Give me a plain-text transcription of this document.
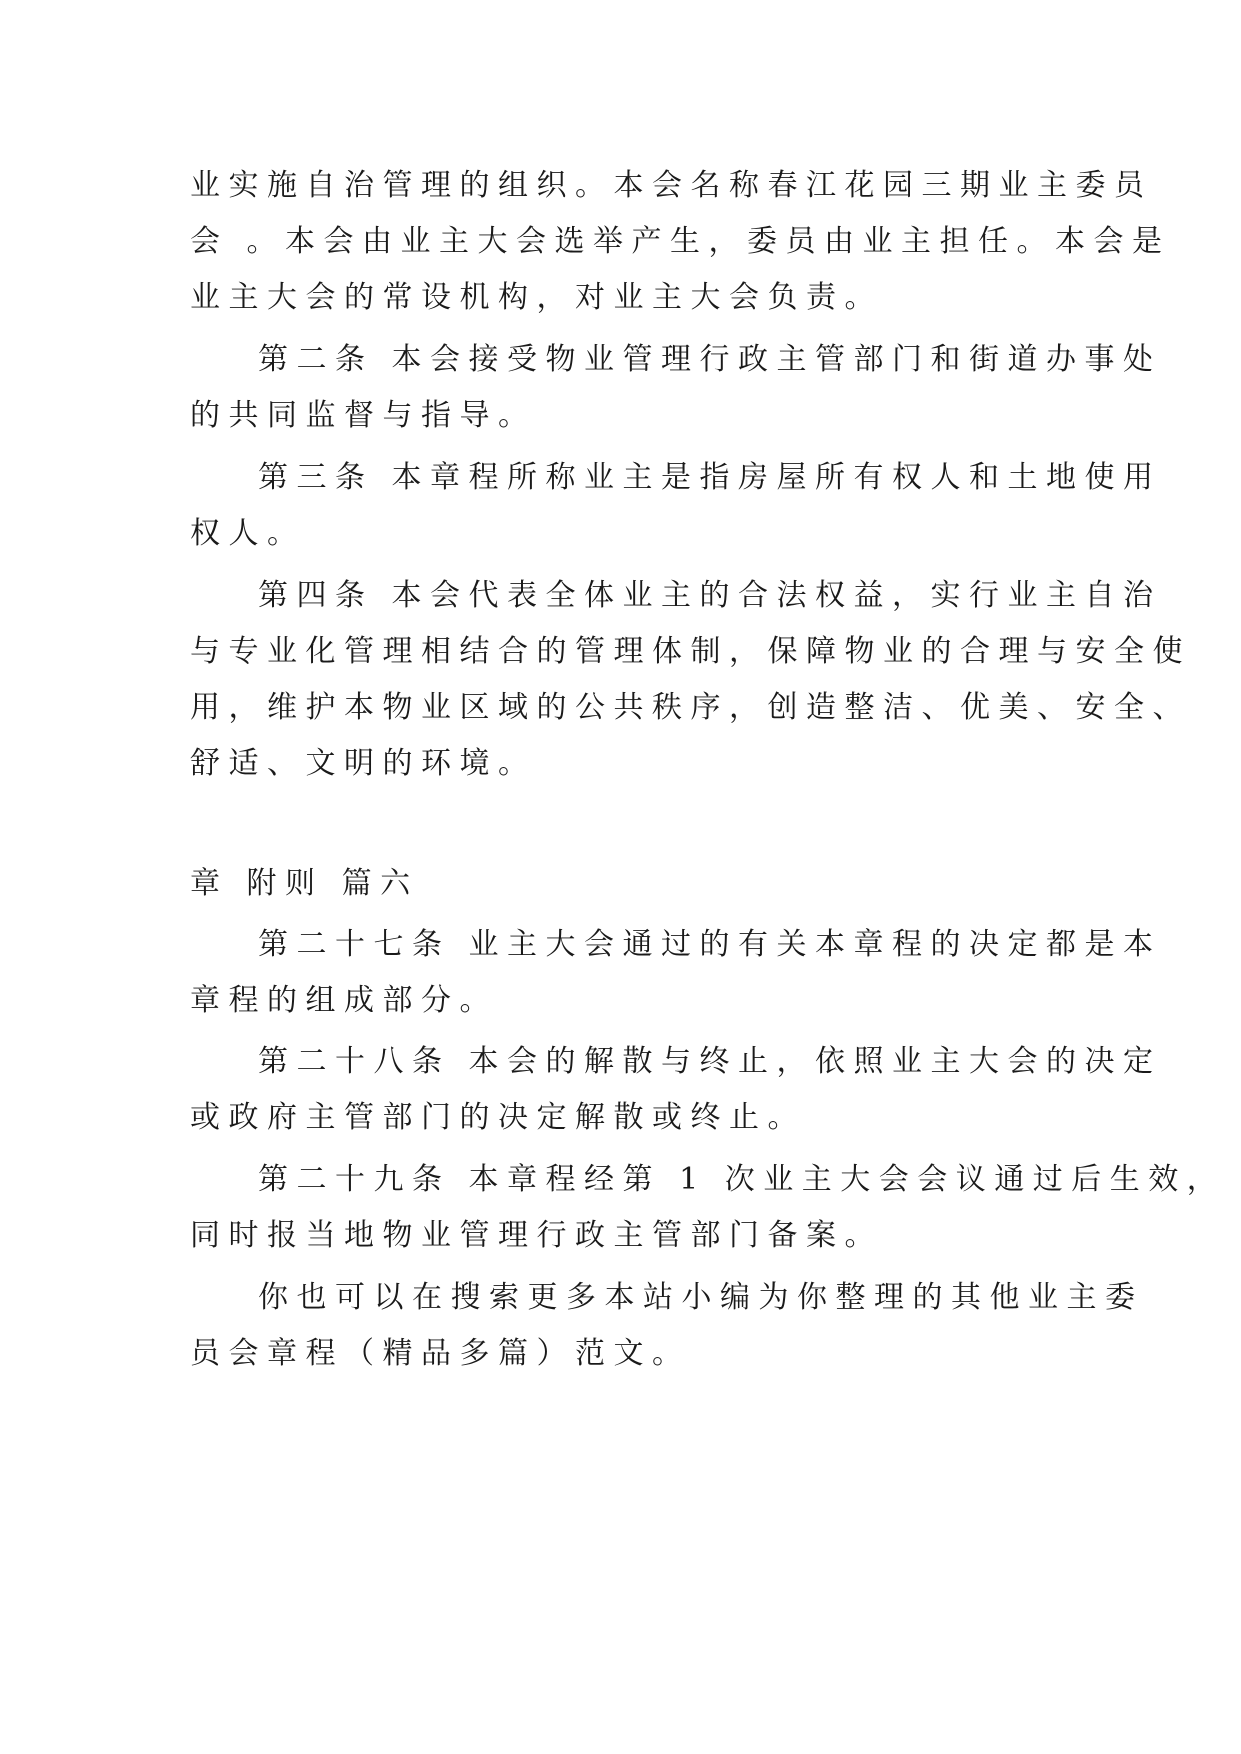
业实施自治管理的组织。本会名称春江花园三期业主委员
会 。本会由业主大会选举产生，委员由业主担任。本会是
业主大会的常设机构，对业主大会负责。
第二条 本会接受物业管理行政主管部门和街道办事处
的共同监督与指导。
第三条 本章程所称业主是指房屋所有权人和土地使用
权人。
第四条 本会代表全体业主的合法权益，实行业主自治
与专业化管理相结合的管理体制，保障物业的合理与安全使
用，维护本物业区域的公共秩序，创造整洁、优美、安全、
舒适、文明的环境。
章 附则 篇六
第二十七条 业主大会通过的有关本章程的决定都是本
章程的组成部分。
第二十八条 本会的解散与终止，依照业主大会的决定
或政府主管部门的决定解散或终止。
第二十九条 本章程经第 1 次业主大会会议通过后生效，
同时报当地物业管理行政主管部门备案。
你也可以在搜索更多本站小编为你整理的其他业主委
员会章程（精品多篇）范文。
